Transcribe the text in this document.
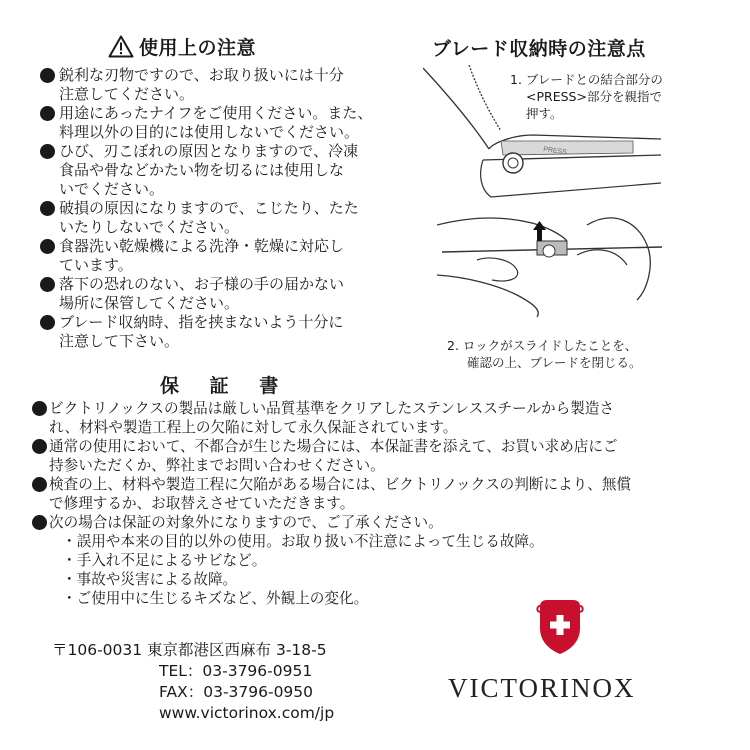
使用上の注意
鋭利な刃物ですので、お取り扱いには十分
注意してください。
用途にあったナイフをご使用ください。また、
料理以外の目的には使用しないでください。
ひび、刃こぼれの原因となりますので、冷凍
食品や骨などかたい物を切るには使用しな
いでください。
破損の原因になりますので、こじたり、たた
いたりしないでください。
食器洗い乾燥機による洗浄・乾燥に対応し
ています。
落下の恐れのない、お子様の手の届かない
場所に保管してください。
ブレード収納時、指を挟まないよう十分に
注意して下さい。
ブレード収納時の注意点
PRESS
1. ブレードとの結合部分の
<PRESS>部分を親指で
押す。
2. ロックがスライドしたことを、
確認の上、ブレードを閉じる。
保 証 書
ビクトリノックスの製品は厳しい品質基準をクリアしたステンレススチールから製造さ
れ、材料や製造工程上の欠陥に対して永久保証されています。
通常の使用において、不都合が生じた場合には、本保証書を添えて、お買い求め店にご
持参いただくか、弊社までお問い合わせください。
検査の上、材料や製造工程に欠陥がある場合には、ビクトリノックスの判断により、無償
で修理するか、お取替えさせていただきます。
次の場合は保証の対象外になりますので、ご了承ください。
・誤用や本来の目的以外の使用。お取り扱い不注意によって生じる故障。
・手入れ不足によるサビなど。
・事故や災害による故障。
・ご使用中に生じるキズなど、外観上の変化。
〒106-0031 東京都港区西麻布 3-18-5
TEL：03-3796-0951
FAX：03-3796-0950
www.victorinox.com/jp
VICTORINOX
